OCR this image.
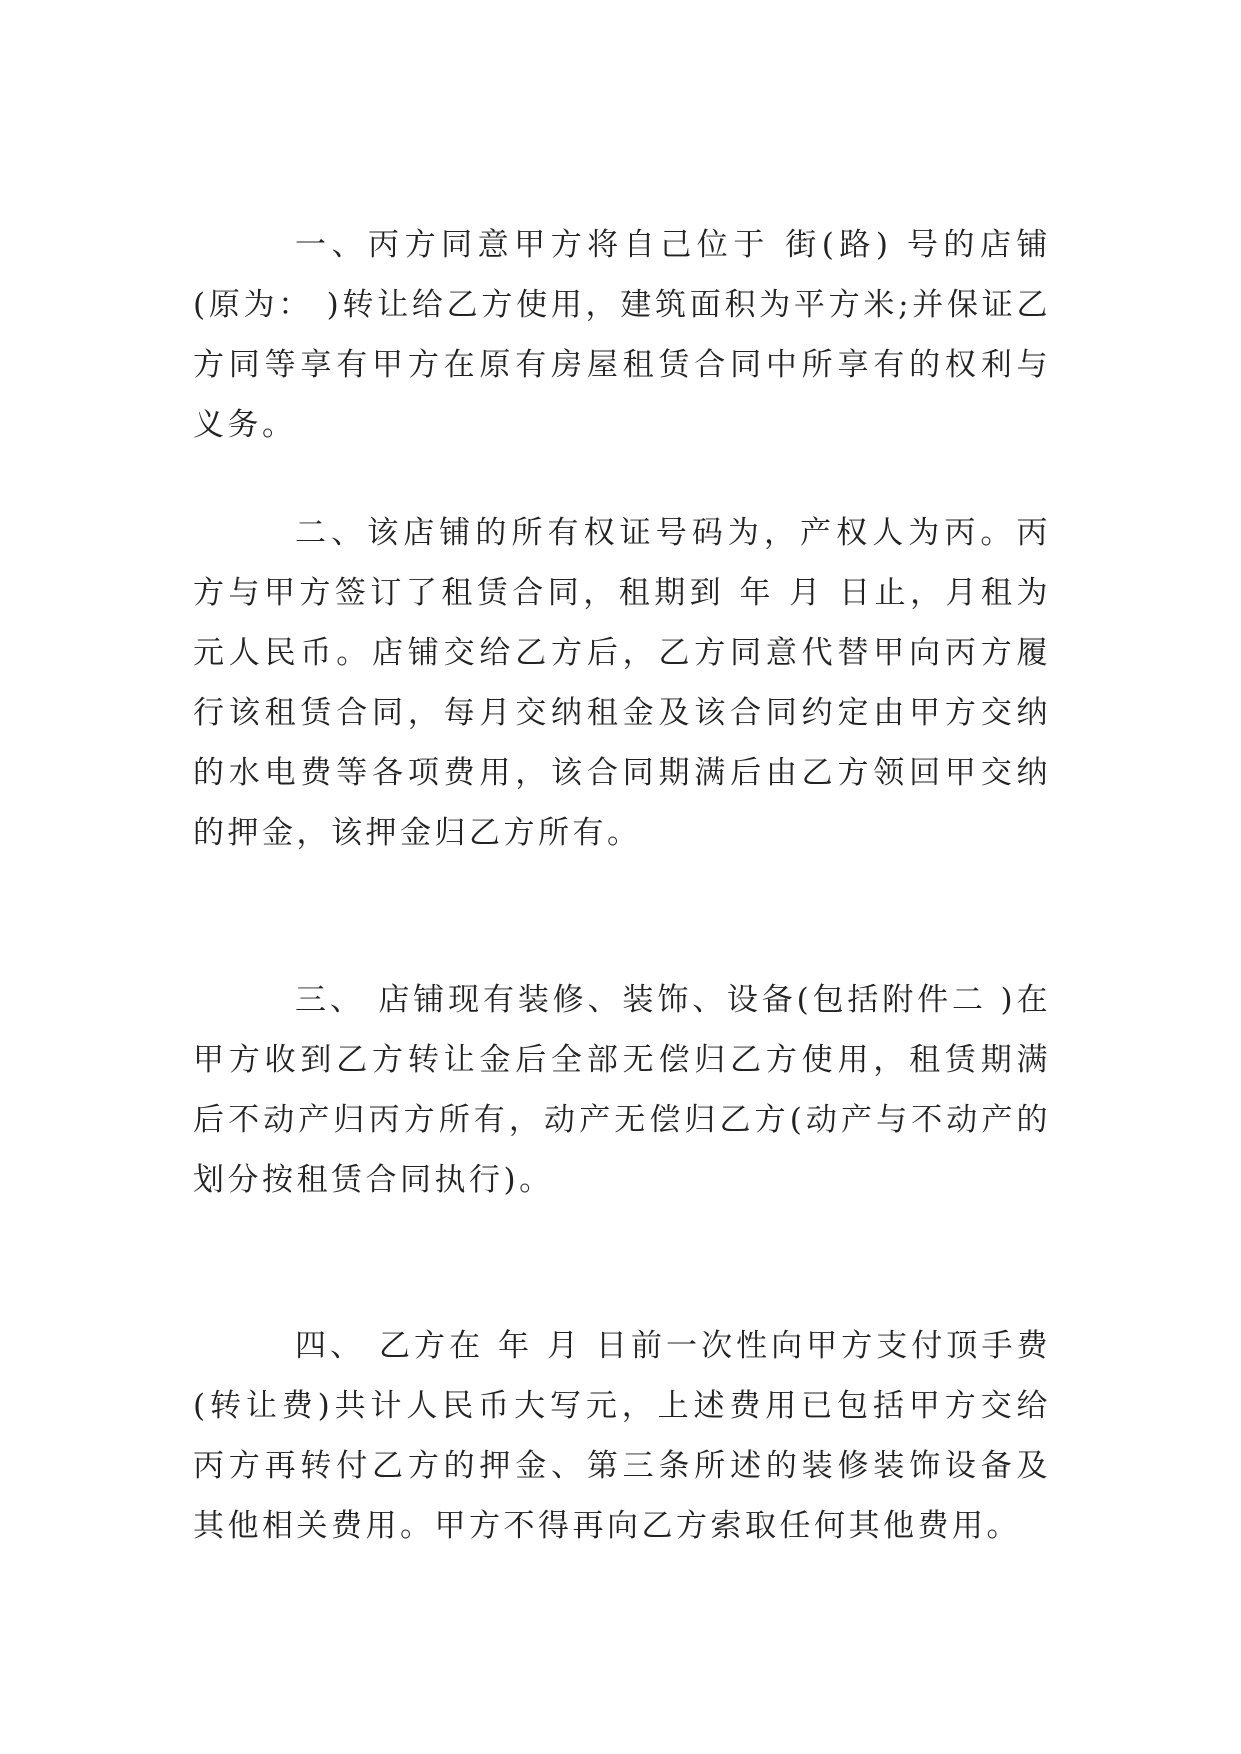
一、丙方同意甲方将自己位于 街(路) 号的店铺(原为： )转让给乙方使用，建筑面积为平方米;并保证乙方同等享有甲方在原有房屋租赁合同中所享有的权利与义务。

二、该店铺的所有权证号码为，产权人为丙。丙方与甲方签订了租赁合同，租期到 年 月 日止，月租为元人民币。店铺交给乙方后，乙方同意代替甲向丙方履行该租赁合同，每月交纳租金及该合同约定由甲方交纳的水电费等各项费用，该合同期满后由乙方领回甲交纳的押金，该押金归乙方所有。

三、 店铺现有装修、装饰、设备(包括附件二 )在甲方收到乙方转让金后全部无偿归乙方使用，租赁期满后不动产归丙方所有，动产无偿归乙方(动产与不动产的划分按租赁合同执行)。

四、 乙方在 年 月 日前一次性向甲方支付顶手费(转让费)共计人民币大写元，上述费用已包括甲方交给丙方再转付乙方的押金、第三条所述的装修装饰设备及其他相关费用。甲方不得再向乙方索取任何其他费用。
